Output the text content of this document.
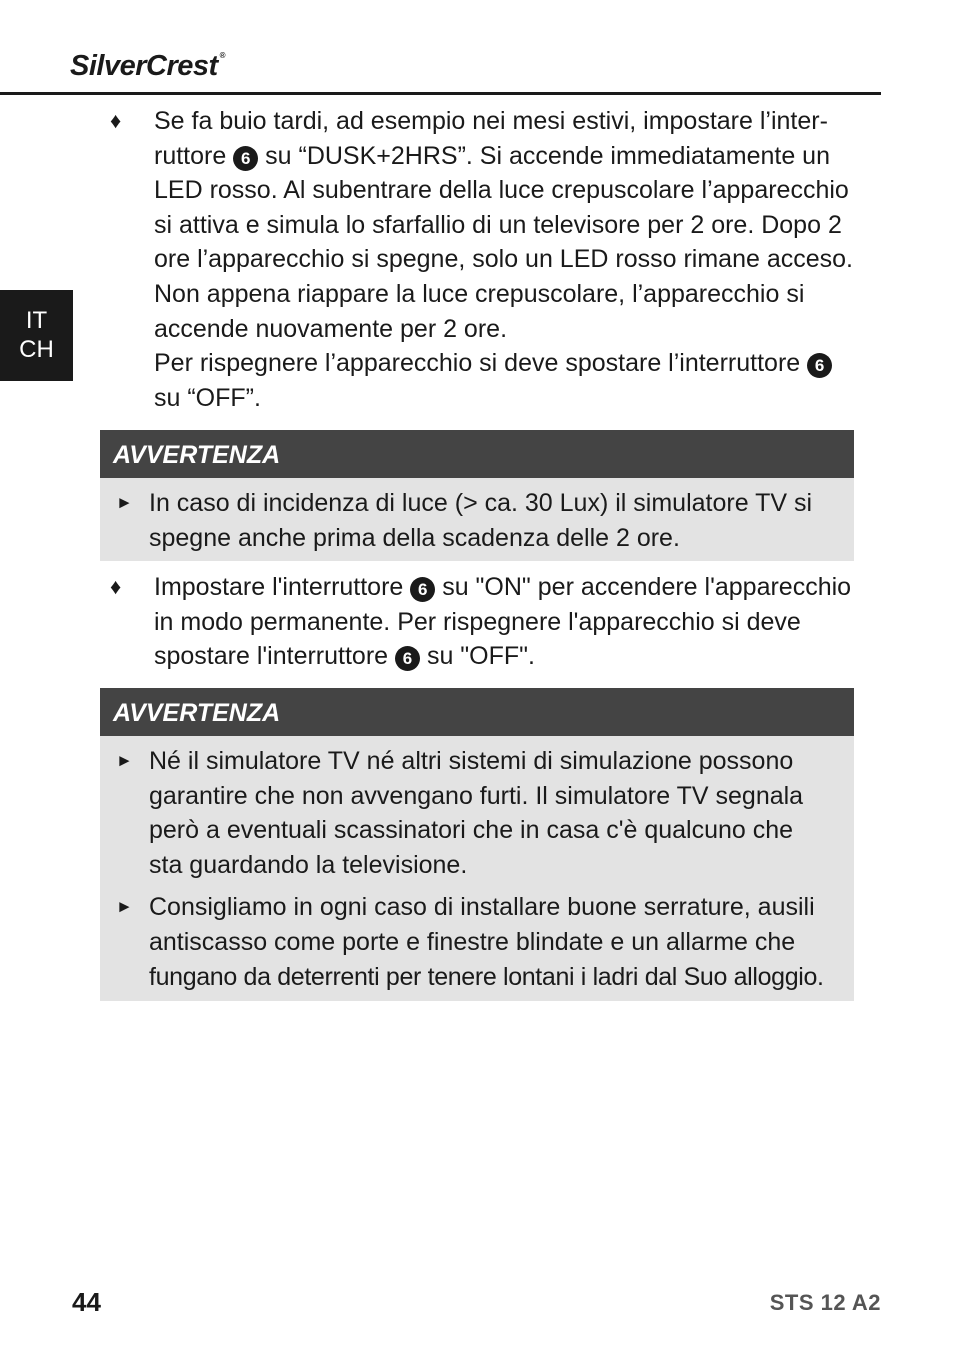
SilverCrest ®
IT
CH
♦	Se fa buio tardi, ad esempio nei mesi estivi, impostare l’inter-
ruttore 6 su “DUSK+2HRS”. Si accende immediatamente un
LED rosso. Al subentrare della luce crepuscolare l’apparecchio
si attiva e simula lo sfarfallio di un televisore per 2 ore. Dopo 2
ore l’apparecchio si spegne, solo un LED rosso rimane acceso.
Non appena riappare la luce crepuscolare, l’apparecchio si
accende nuovamente per 2 ore.
Per rispegnere l’apparecchio si deve spostare l’interruttore 6
su “OFF”.
AVVERTENZA
► In caso di incidenza di luce (> ca. 30 Lux) il simulatore TV si
spegne anche prima della scadenza delle 2 ore.
♦	Impostare l'interruttore 6 su "ON" per accendere l'apparecchio
in modo permanente. Per rispegnere l'apparecchio si deve
spostare l'interruttore 6 su "OFF".
AVVERTENZA
► Né il simulatore TV né altri sistemi di simulazione possono
garantire che non avvengano furti. Il simulatore TV segnala
però a eventuali scassinatori che in casa c'è qualcuno che
sta guardando la televisione.
► Consigliamo in ogni caso di installare buone serrature, ausili
antiscasso come porte e finestre blindate e un allarme che
fungano da deterrenti per tenere lontani i ladri dal Suo alloggio.
44	STS 12 A2
